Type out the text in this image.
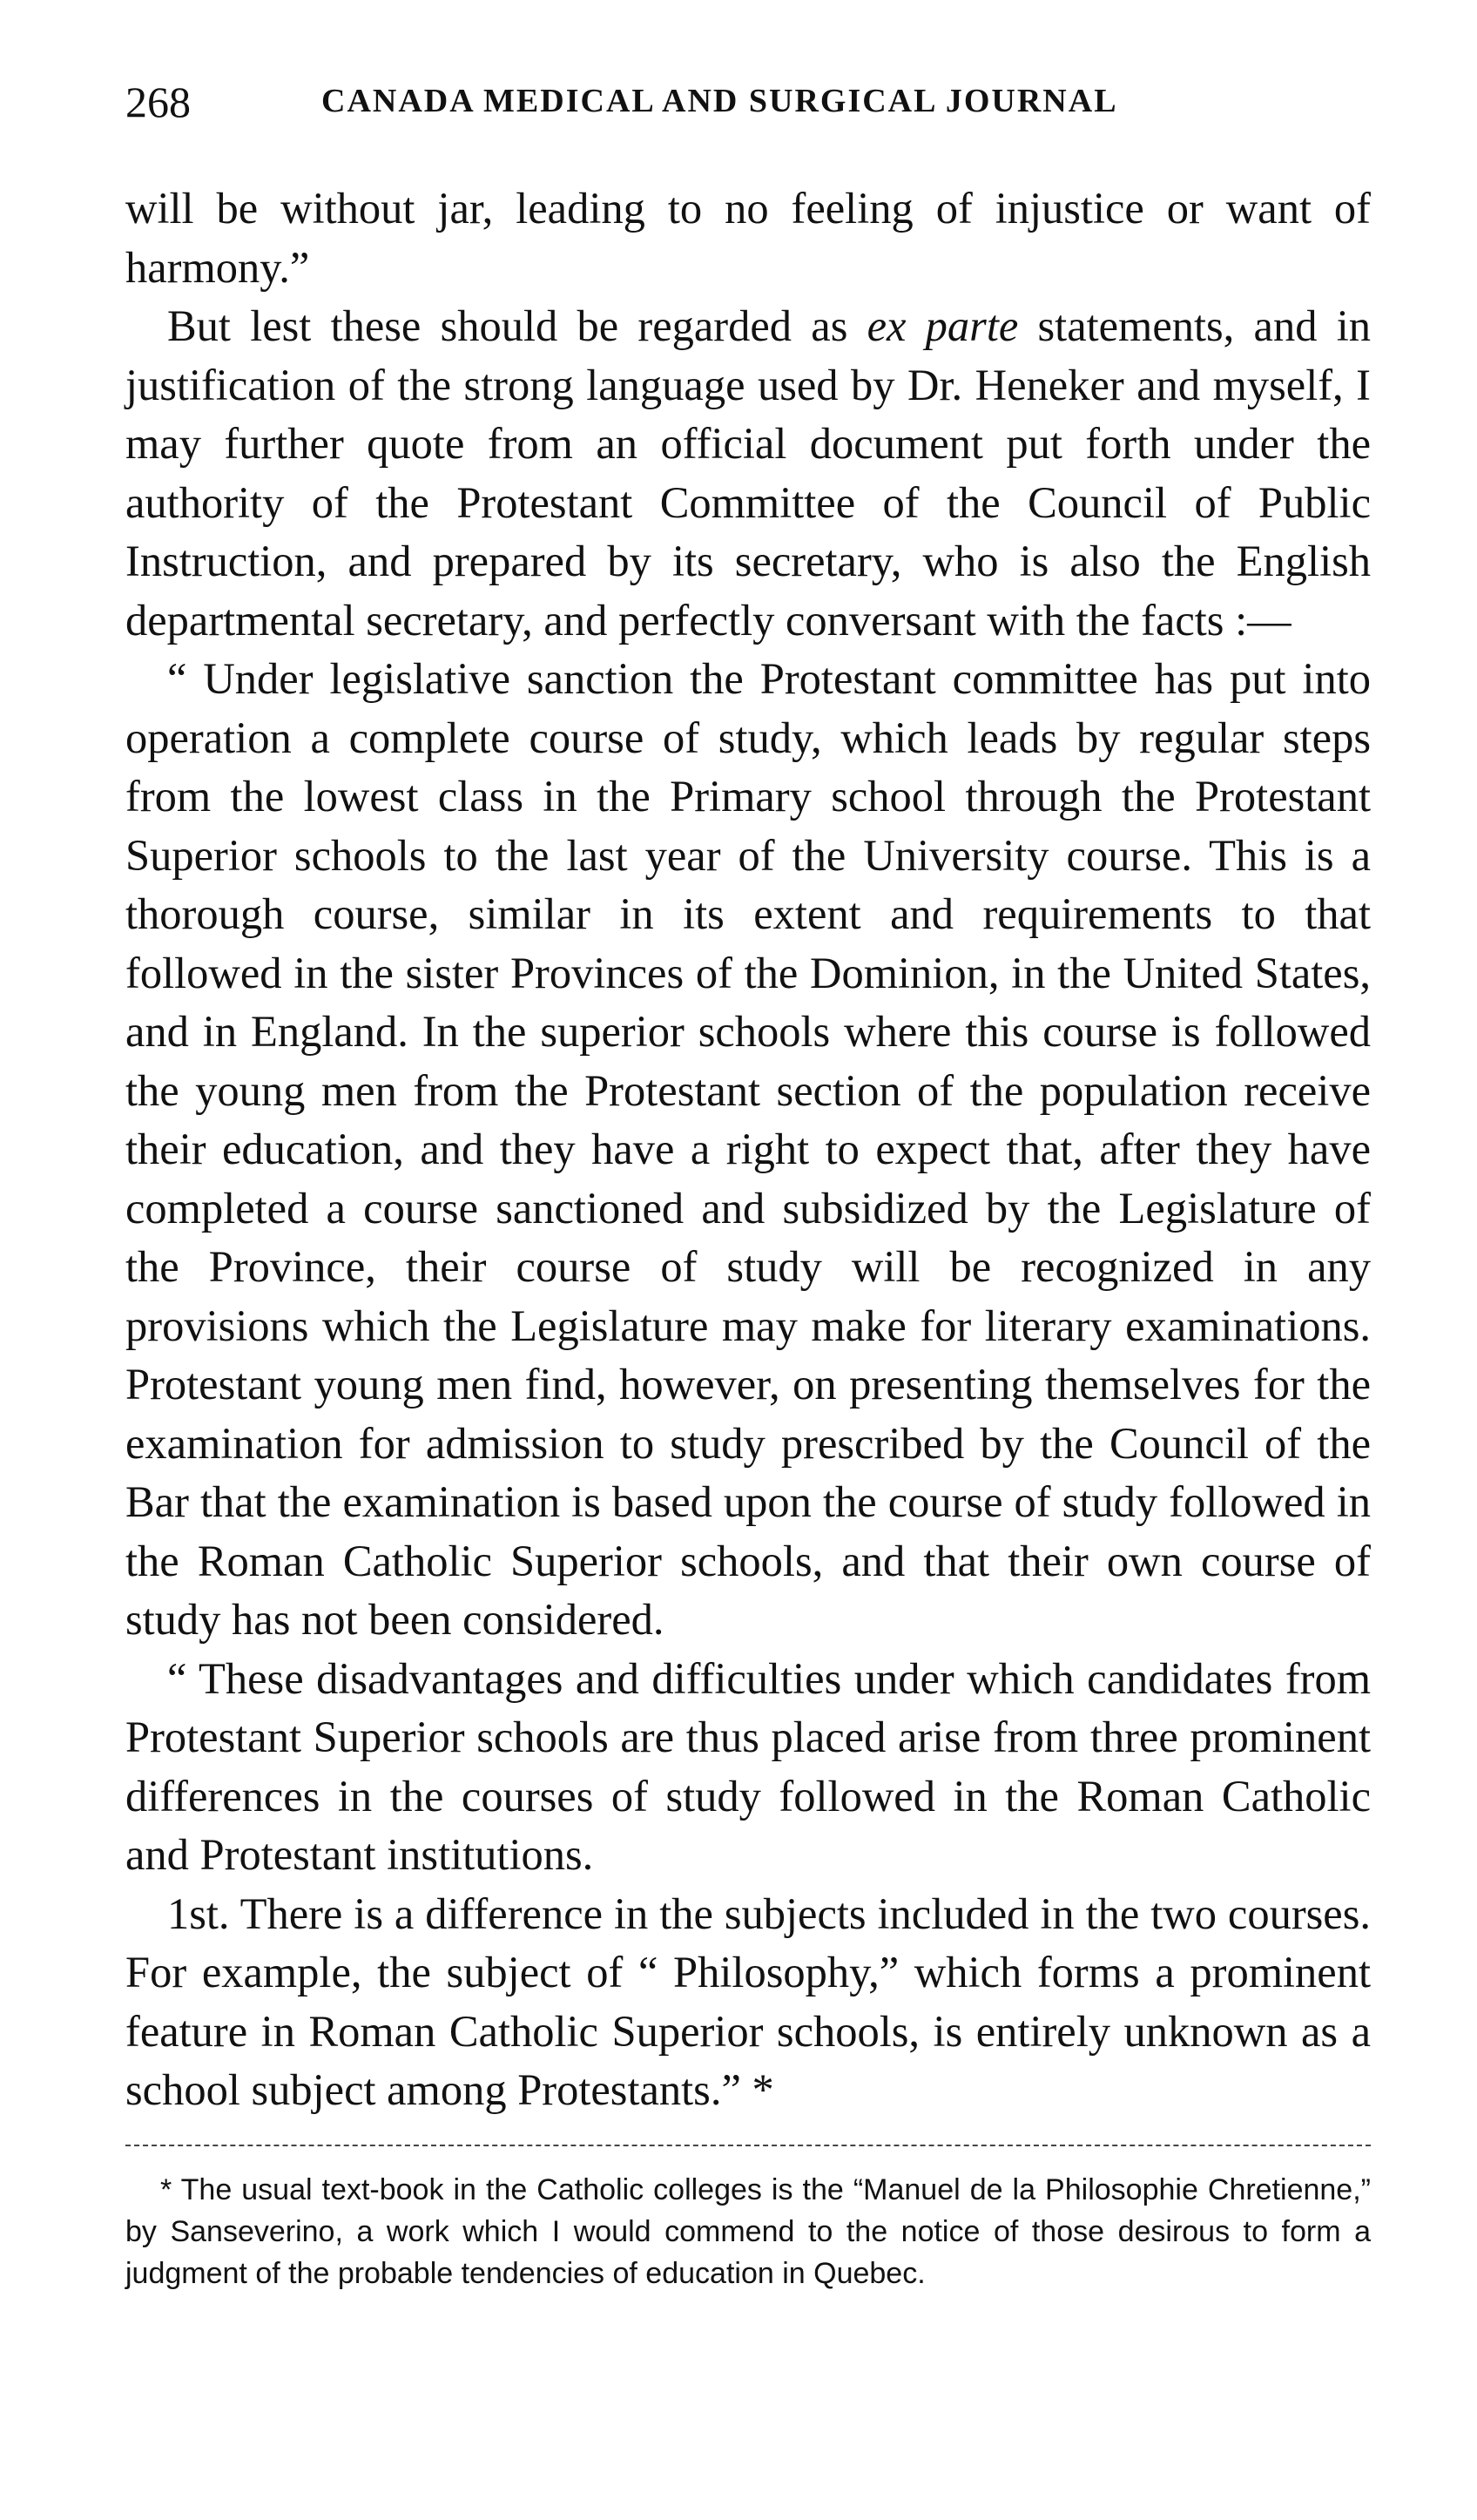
268	CANADA MEDICAL AND SURGICAL JOURNAL

will be without jar, leading to no feeling of injustice or want of harmony.”

But lest these should be regarded as ex parte statements, and in justification of the strong language used by Dr. Heneker and myself, I may further quote from an official document put forth under the authority of the Protestant Committee of the Council of Public Instruction, and prepared by its secretary, who is also the English departmental secretary, and perfectly conversant with the facts :—

“ Under legislative sanction the Protestant committee has put into operation a complete course of study, which leads by regular steps from the lowest class in the Primary school through the Protestant Superior schools to the last year of the University course. This is a thorough course, similar in its extent and requirements to that followed in the sister Provinces of the Dominion, in the United States, and in England. In the superior schools where this course is followed the young men from the Protestant section of the population receive their education, and they have a right to expect that, after they have completed a course sanctioned and subsidized by the Legislature of the Province, their course of study will be recognized in any provisions which the Legislature may make for literary examinations. Protestant young men find, however, on presenting themselves for the examination for admission to study prescribed by the Council of the Bar that the examination is based upon the course of study followed in the Roman Catholic Superior schools, and that their own course of study has not been considered.

“ These disadvantages and difficulties under which candidates from Protestant Superior schools are thus placed arise from three prominent differences in the courses of study followed in the Roman Catholic and Protestant institutions.

1st. There is a difference in the subjects included in the two courses. For example, the subject of “ Philosophy,” which forms a prominent feature in Roman Catholic Superior schools, is entirely unknown as a school subject among Protestants.” *

* The usual text-book in the Catholic colleges is the “Manuel de la Philosophie Chretienne,” by Sanseverino, a work which I would commend to the notice of those desirous to form a judgment of the probable tendencies of education in Quebec.
